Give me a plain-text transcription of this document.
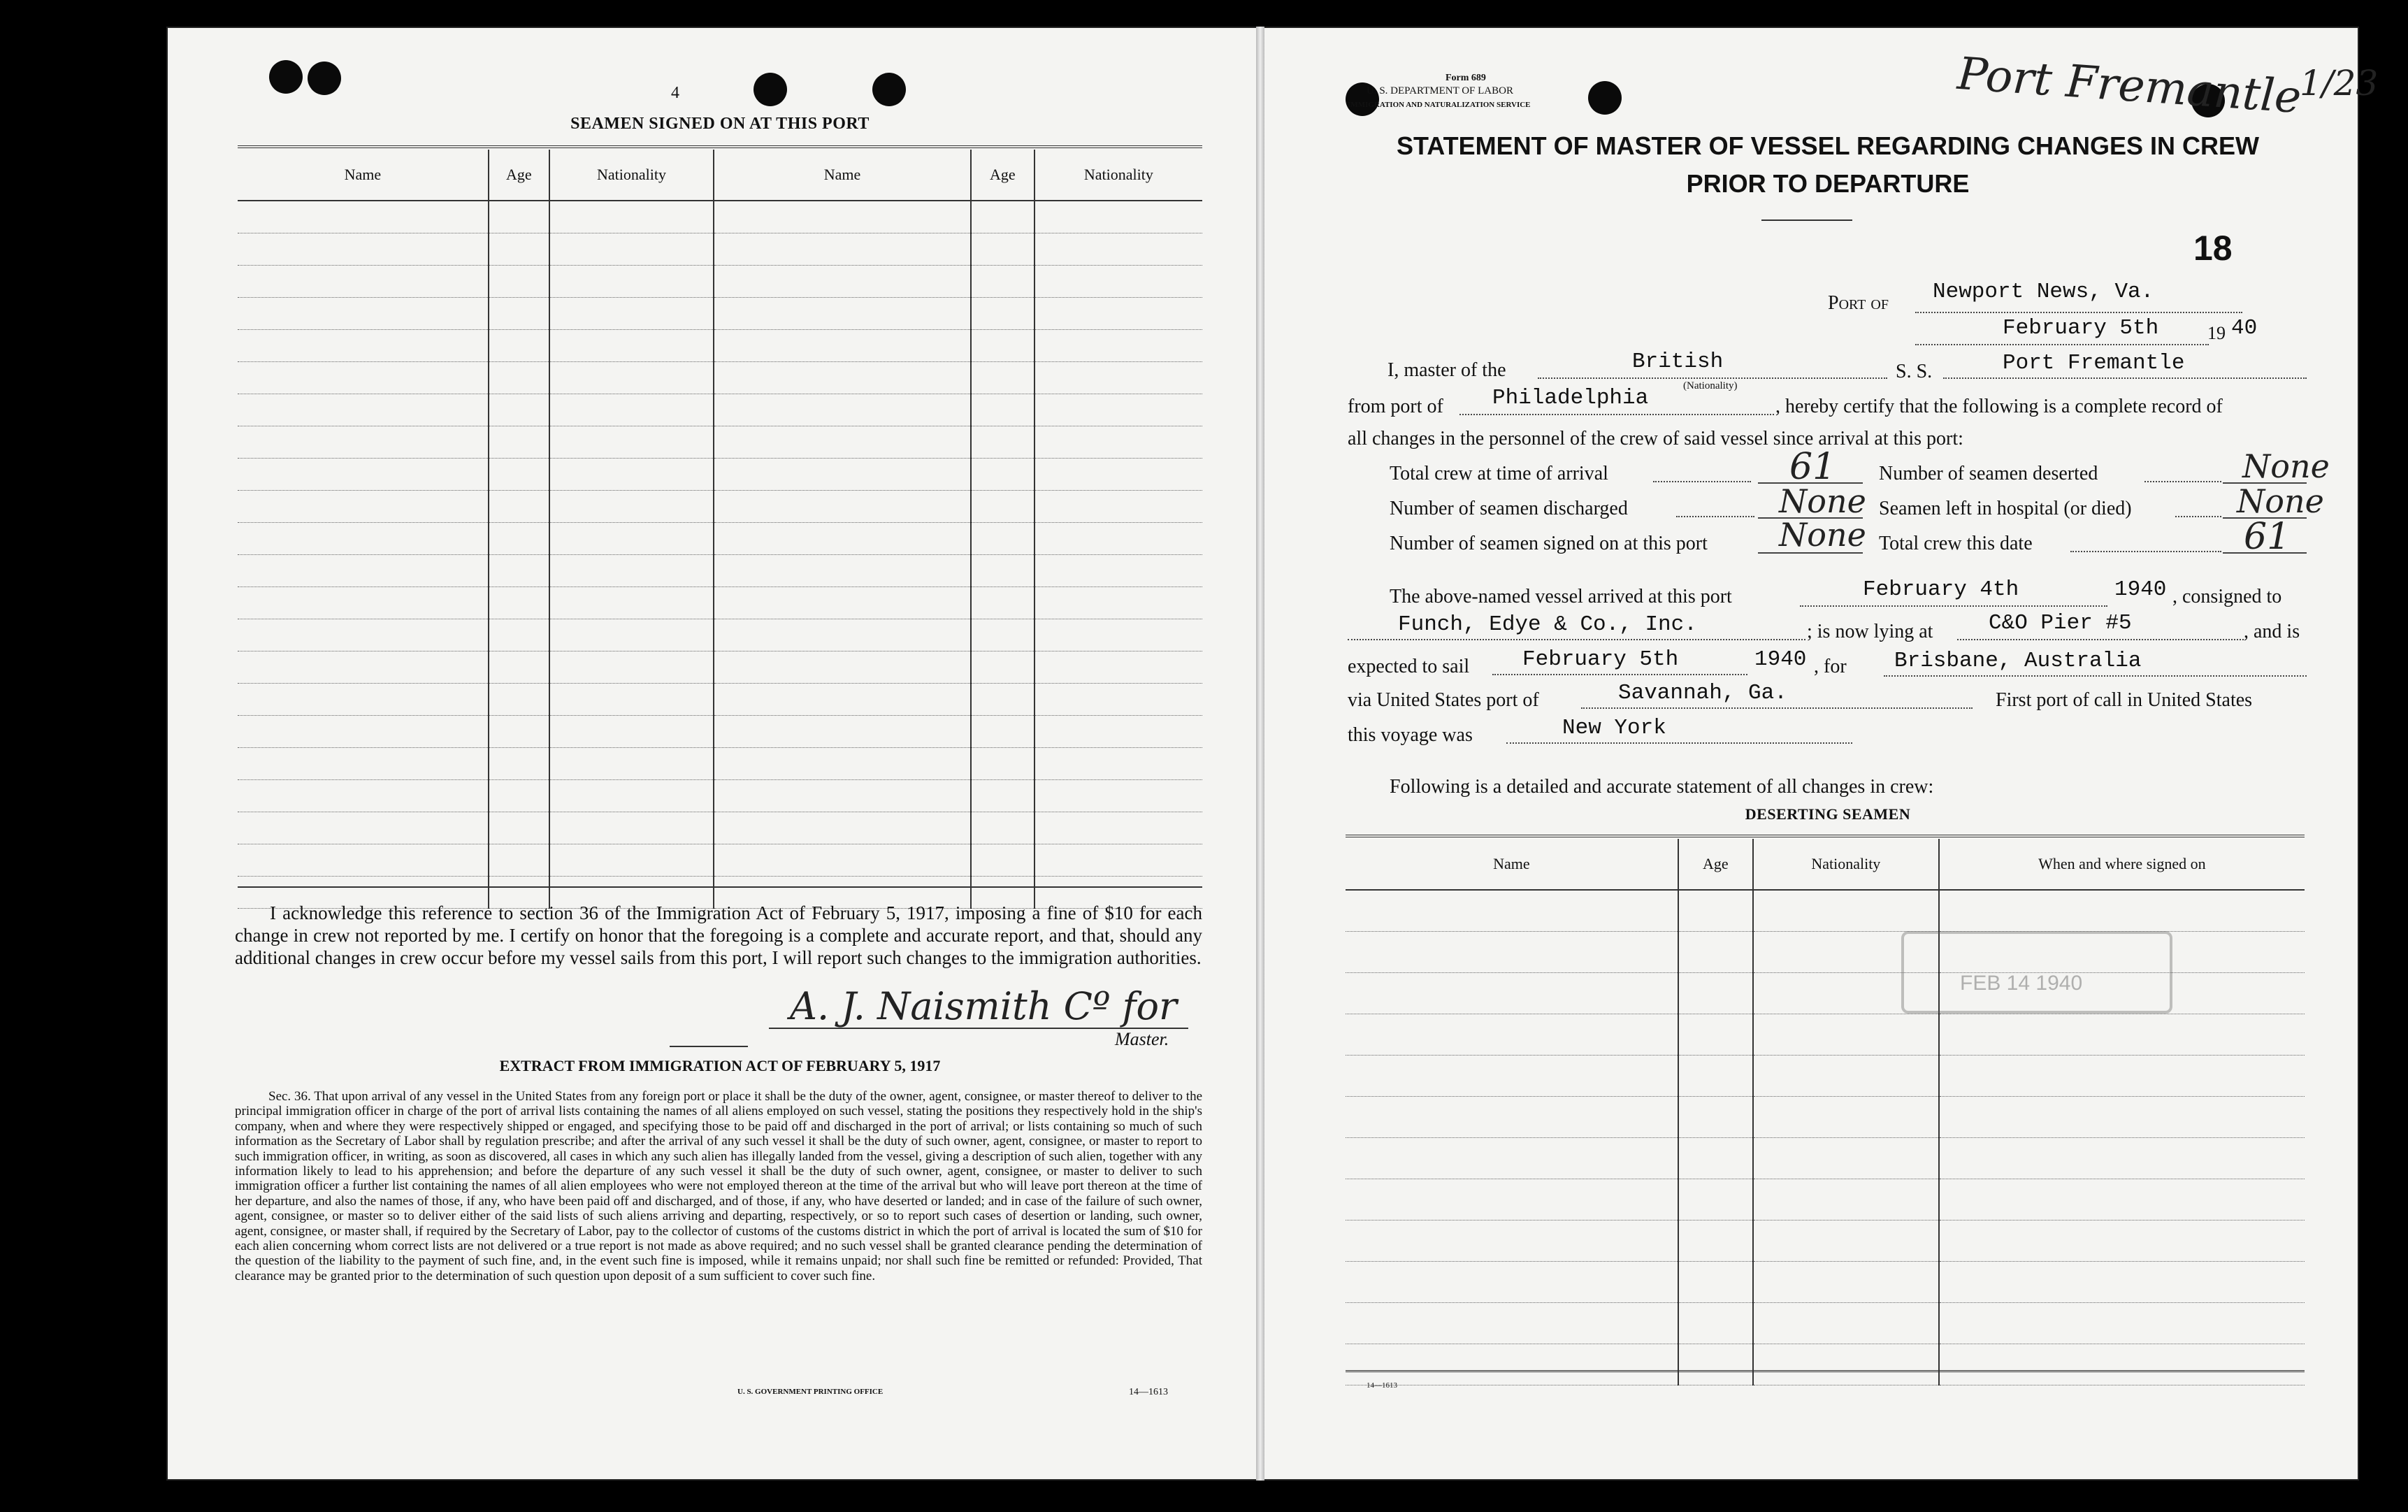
4
SEAMEN SIGNED ON AT THIS PORT
Name	Age	Nationality	Name	Age	Nationality

I acknowledge this reference to section 36 of the Immigration Act of February 5, 1917, imposing a fine of $10 for each change in crew not reported by me. I certify on honor that the foregoing is a complete and accurate report, and that, should any additional changes in crew occur before my vessel sails from this port, I will report such changes to the immigration authorities.
A. J. Naismith Cº for
Master.
EXTRACT FROM IMMIGRATION ACT OF FEBRUARY 5, 1917
Sec. 36. That upon arrival of any vessel in the United States from any foreign port or place it shall be the duty of the owner, agent, consignee, or master thereof to deliver to the principal immigration officer in charge of the port of arrival lists containing the names of all aliens employed on such vessel, stating the positions they respectively hold in the ship's company, when and where they were respectively shipped or engaged, and specifying those to be paid off and discharged in the port of arrival; or lists containing so much of such information as the Secretary of Labor shall by regulation prescribe; and after the arrival of any such vessel it shall be the duty of such owner, agent, consignee, or master to report to such immigration officer, in writing, as soon as discovered, all cases in which any such alien has illegally landed from the vessel, giving a description of such alien, together with any information likely to lead to his apprehension; and before the departure of any such vessel it shall be the duty of such owner, agent, consignee, or master to deliver to such immigration officer a further list containing the names of all alien employees who were not employed thereon at the time of the arrival but who will leave port thereon at the time of her departure, and also the names of those, if any, who have been paid off and discharged, and of those, if any, who have deserted or landed; and in case of the failure of such owner, agent, consignee, or master so to deliver either of the said lists of such aliens arriving and departing, respectively, or so to report such cases of desertion or landing, such owner, agent, consignee, or master shall, if required by the Secretary of Labor, pay to the collector of customs of the customs district in which the port of arrival is located the sum of $10 for each alien concerning whom correct lists are not delivered or a true report is not made as above required; and no such vessel shall be granted clearance pending the determination of the question of the liability to the payment of such fine, and, in the event such fine is imposed, while it remains unpaid; nor shall such fine be remitted or refunded: Provided, That clearance may be granted prior to the determination of such question upon deposit of a sum sufficient to cover such fine.
U. S. GOVERNMENT PRINTING OFFICE	14—1613
Form 689
U. S. DEPARTMENT OF LABOR
IMMIGRATION AND NATURALIZATION SERVICE	Port Fremantle
1/23
STATEMENT OF MASTER OF VESSEL REGARDING CHANGES IN CREW
PRIOR TO DEPARTURE
18
Port of Newport News, Va.
February 5th	19 40
I, master of the	British
(Nationality)
S. S.	Port Fremantle
from port of Philadelphia	, hereby certify that the following is a complete record of
all changes in the personnel of the crew of said vessel since arrival at this port:
Total crew at time of arrival	61 Number of seamen deserted	None
Number of seamen discharged	None Seamen left in hospital (or died)	None
Number of seamen signed on at this port None Total crew this date	61
The above-named vessel arrived at this port	February 4th	1940 , consigned to
Funch, Edye & Co., Inc.	; is now lying at	C&O Pier #5	, and is
expected to sail February 5th	1940 , for Brisbane, Australia
via United States port of	Savannah, Ga.	First port of call in United States
this voyage was	New York
Following is a detailed and accurate statement of all changes in crew:
DESERTING SEAMEN
Name	Age	Nationality	When and where signed on

14—1613
FEB 14 1940
